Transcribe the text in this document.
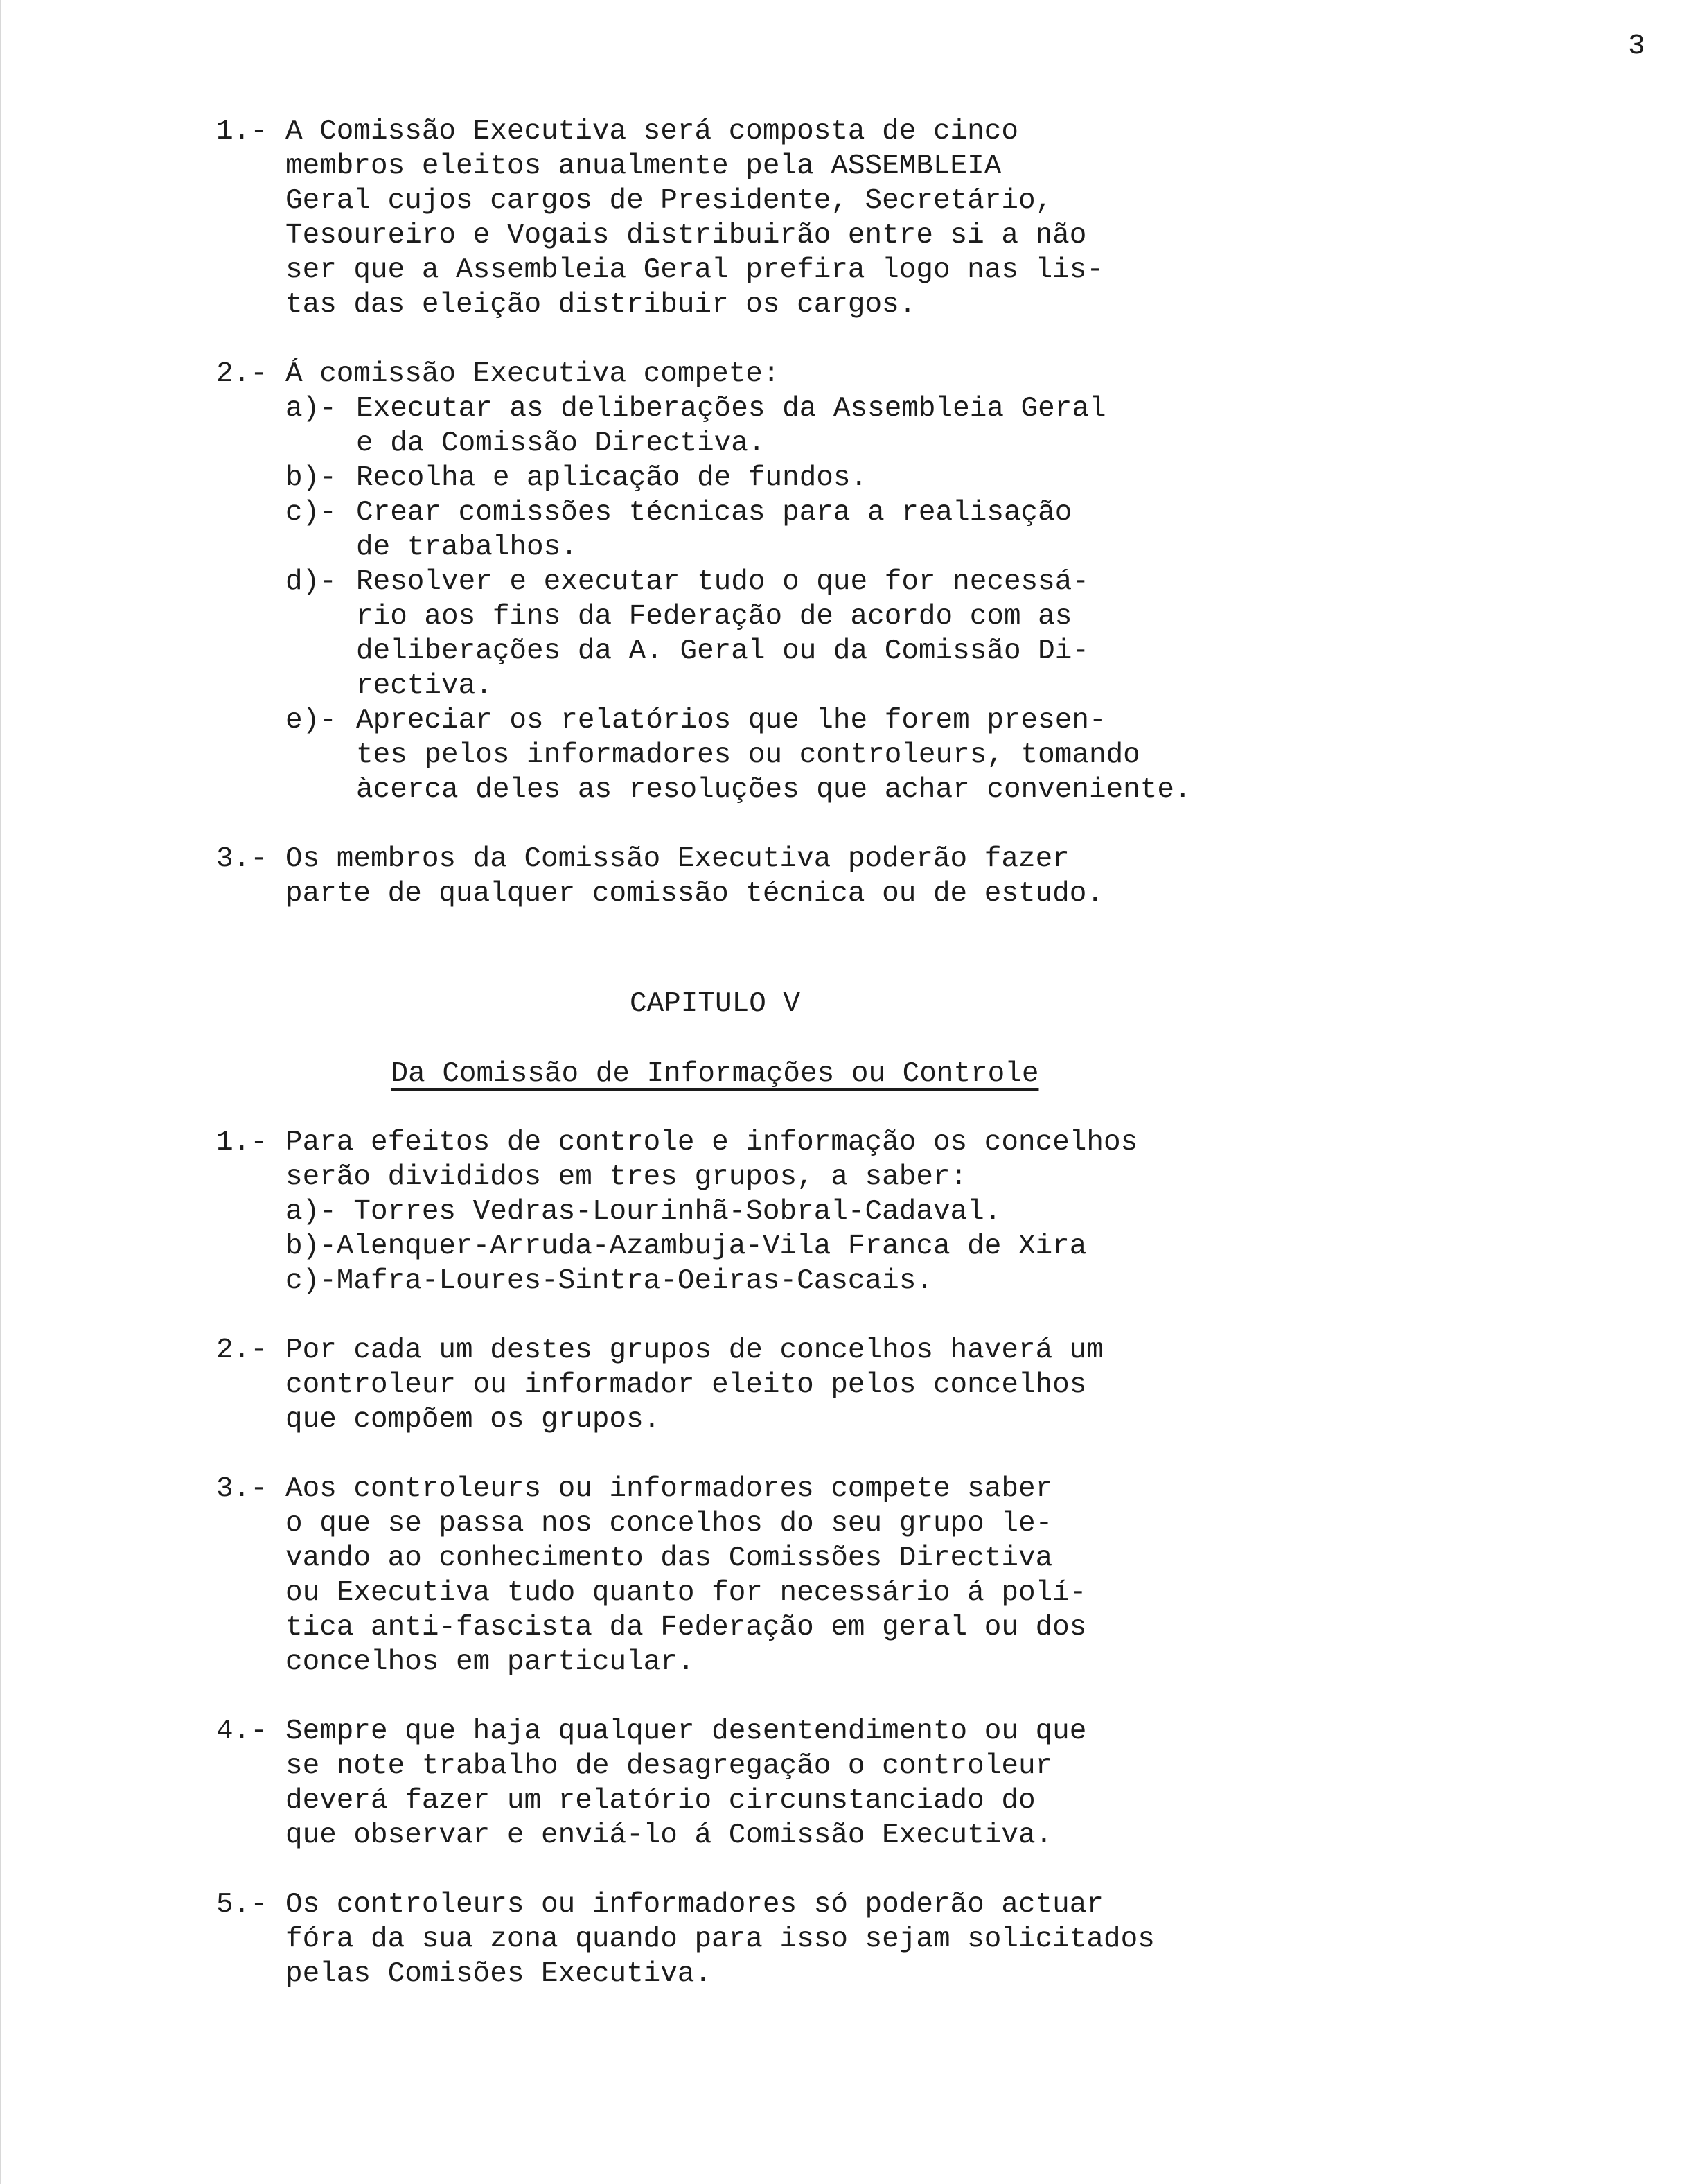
3
1.- A Comissão Executiva será composta de cinco
membros eleitos anualmente pela ASSEMBLEIA
Geral cujos cargos de Presidente, Secretário,
Tesoureiro e Vogais distribuirão entre si a não
ser que a Assembleia Geral prefira logo nas lis-
tas das eleição distribuir os cargos.
2.- Á comissão Executiva compete:
a)- Executar as deliberações da Assembleia Geral
e da Comissão Directiva.
b)- Recolha e aplicação de fundos.
c)- Crear comissões técnicas para a realisação
de trabalhos.
d)- Resolver e executar tudo o que for necessá-
rio aos fins da Federação de acordo com as
deliberações da A. Geral ou da Comissão Di-
rectiva.
e)- Apreciar os relatórios que lhe forem presen-
tes pelos informadores ou controleurs, tomando
àcerca deles as resoluções que achar conveniente.
3.- Os membros da Comissão Executiva poderão fazer
parte de qualquer comissão técnica ou de estudo.
CAPITULO V
Da Comissão de Informações ou Controle
1.- Para efeitos de controle e informação os concelhos
serão divididos em tres grupos, a saber:
a)- Torres Vedras-Lourinhã-Sobral-Cadaval.
b)-Alenquer-Arruda-Azambuja-Vila Franca de Xira
c)-Mafra-Loures-Sintra-Oeiras-Cascais.
2.- Por cada um destes grupos de concelhos haverá um
controleur ou informador eleito pelos concelhos
que compõem os grupos.
3.- Aos controleurs ou informadores compete saber
o que se passa nos concelhos do seu grupo le-
vando ao conhecimento das Comissões Directiva
ou Executiva tudo quanto for necessário á polí-
tica anti-fascista da Federação em geral ou dos
concelhos em particular.
4.- Sempre que haja qualquer desentendimento ou que
se note trabalho de desagregação o controleur
deverá fazer um relatório circunstanciado do
que observar e enviá-lo á Comissão Executiva.
5.- Os controleurs ou informadores só poderão actuar
fóra da sua zona quando para isso sejam solicitados
pelas Comisões Executiva.
